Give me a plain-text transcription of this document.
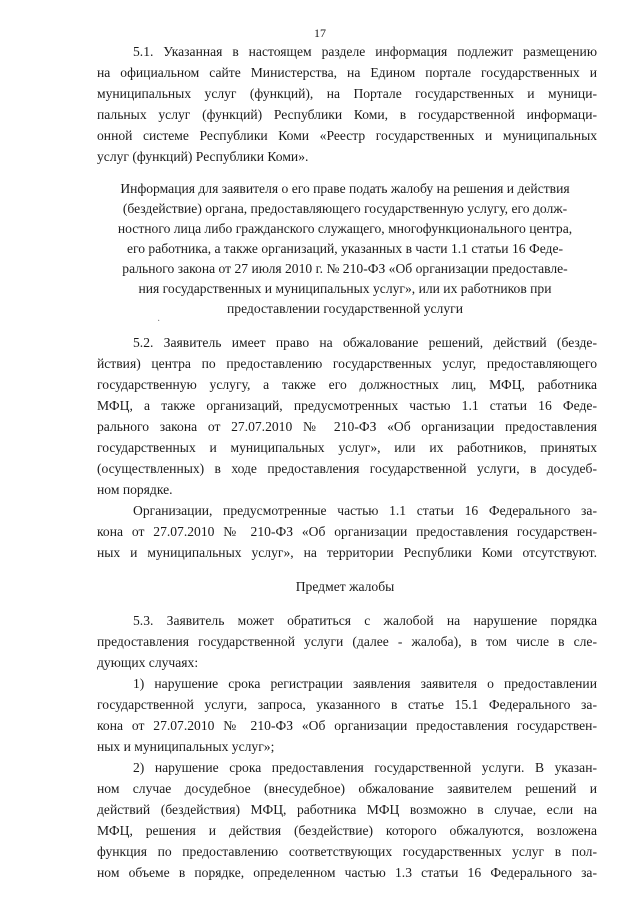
17
5.1. Указанная в настоящем разделе информация подлежит размещению
на официальном сайте Министерства, на Едином портале государственных и
муниципальных услуг (функций), на Портале государственных и муници-
пальных услуг (функций) Республики Коми, в государственной информаци-
онной системе Республики Коми «Реестр государственных и муниципальных
услуг (функций) Республики Коми».
Информация для заявителя о его праве подать жалобу на решения и действия
(бездействие) органа, предоставляющего государственную услугу, его долж-
ностного лица либо гражданского служащего, многофункционального центра,
его работника, а также организаций, указанных в части 1.1 статьи 16 Феде-
рального закона от 27 июля 2010 г. № 210-ФЗ «Об организации предоставле-
ния государственных и муниципальных услуг», или их работников при
предоставлении государственной услуги
5.2. Заявитель имеет право на обжалование решений, действий (безде-
йствия) центра по предоставлению государственных услуг, предоставляющего
государственную услугу, а также его должностных лиц, МФЦ, работника
МФЦ, а также организаций, предусмотренных частью 1.1 статьи 16 Феде-
рального закона от 27.07.2010 № 210-ФЗ «Об организации предоставления
государственных и муниципальных услуг», или их работников, принятых
(осуществленных) в ходе предоставления государственной услуги, в досудеб-
ном порядке.
Организации, предусмотренные частью 1.1 статьи 16 Федерального за-
кона от 27.07.2010 № 210-ФЗ «Об организации предоставления государствен-
ных и муниципальных услуг», на территории Республики Коми отсутствуют.
Предмет жалобы
5.3. Заявитель может обратиться с жалобой на нарушение порядка
предоставления государственной услуги (далее - жалоба), в том числе в сле-
дующих случаях:
1) нарушение срока регистрации заявления заявителя о предоставлении
государственной услуги, запроса, указанного в статье 15.1 Федерального за-
кона от 27.07.2010 № 210-ФЗ «Об организации предоставления государствен-
ных и муниципальных услуг»;
2) нарушение срока предоставления государственной услуги. В указан-
ном случае досудебное (внесудебное) обжалование заявителем решений и
действий (бездействия) МФЦ, работника МФЦ возможно в случае, если на
МФЦ, решения и действия (бездействие) которого обжалуются, возложена
функция по предоставлению соответствующих государственных услуг в пол-
ном объеме в порядке, определенном частью 1.3 статьи 16 Федерального за-
·
